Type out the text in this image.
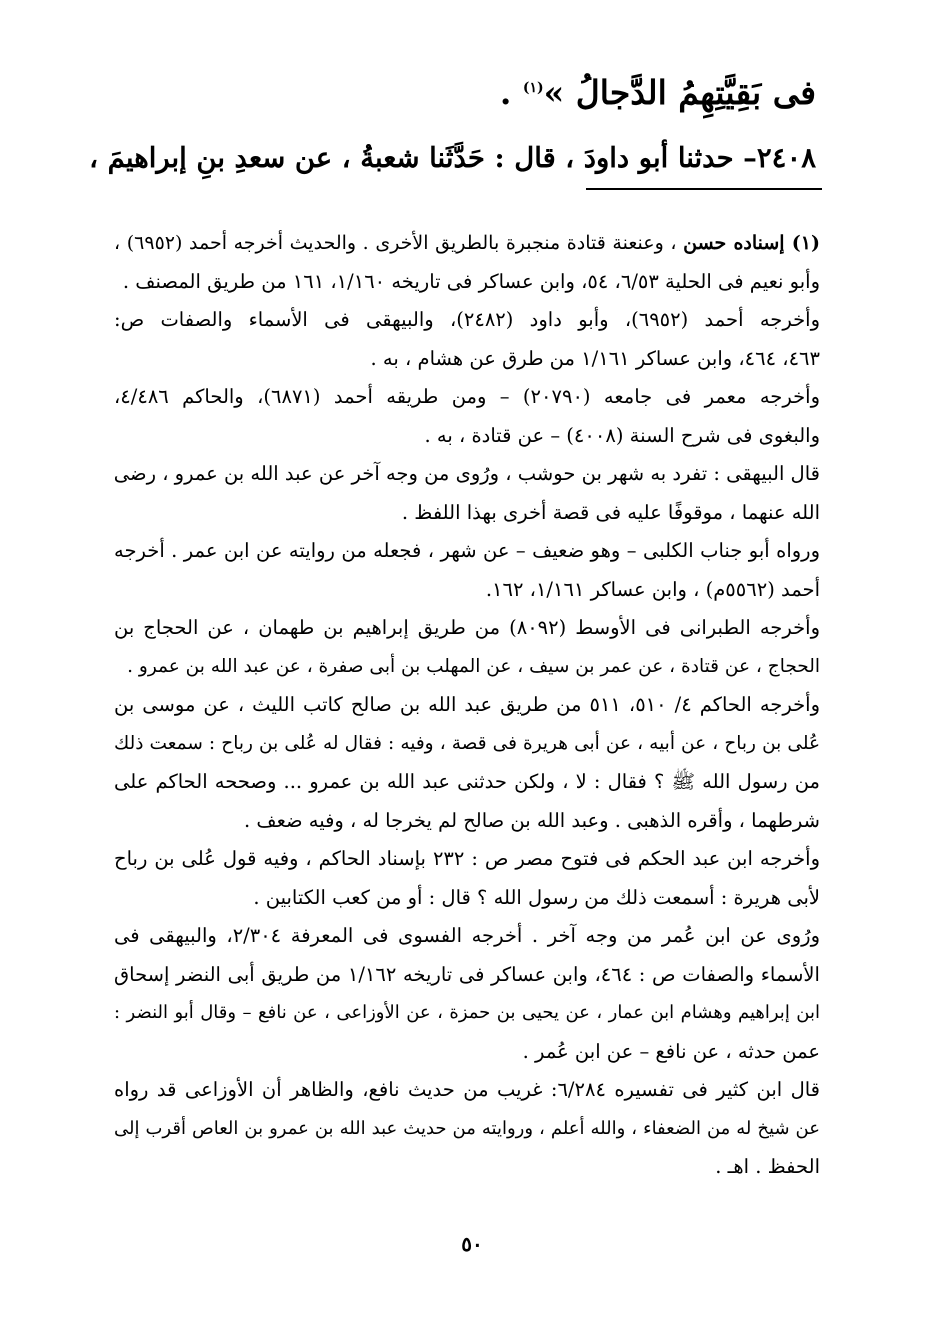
فى بَقِيَّتِهِمُ الدَّجالُ »$^{(١)}$ .
٢٤٠٨– حدثنا أبو داودَ ، قال : حَدَّثَنا شعبةُ ، عن سعدِ بنِ إبراهيمَ ،
(١) إسناده حسن ، وعنعنة قتادة منجبرة بالطريق الأخرى . والحديث أخرجه أحمد (٦٩٥٢) ،
وأبو نعيم فى الحلية ٦/٥٣، ٥٤، وابن عساكر فى تاريخه ١/١٦٠، ١٦١ من طريق المصنف .
وأخرجه أحمد (٦٩٥٢)، وأبو داود (٢٤٨٢)، والبيهقى فى الأسماء والصفات ص:
٤٦٣، ٤٦٤، وابن عساكر ١/١٦١ من طرق عن هشام ، به .
وأخرجه معمر فى جامعه (٢٠٧٩٠) – ومن طريقه أحمد (٦٨٧١)، والحاكم ٤/٤٨٦،
والبغوى فى شرح السنة (٤٠٠٨) – عن قتادة ، به .
قال البيهقى : تفرد به شهر بن حوشب ، ورُوى من وجه آخر عن عبد الله بن عمرو ، رضى
الله عنهما ، موقوفًا عليه فى قصة أخرى بهذا اللفظ .
ورواه أبو جناب الكلبى – وهو ضعيف – عن شهر ، فجعله من روايته عن ابن عمر . أخرجه
أحمد (٥٥٦٢م) ، وابن عساكر ١/١٦١، ١٦٢.
وأخرجه الطبرانى فى الأوسط (٨٠٩٢) من طريق إبراهيم بن طهمان ، عن الحجاج بن
الحجاج ، عن قتادة ، عن عمر بن سيف ، عن المهلب بن أبى صفرة ، عن عبد الله بن عمرو .
وأخرجه الحاكم ٤/ ٥١٠، ٥١١ من طريق عبد الله بن صالح كاتب الليث ، عن موسى بن
عُلى بن رباح ، عن أبيه ، عن أبى هريرة فى قصة ، وفيه : فقال له عُلى بن رباح : سمعت ذلك
من رسول الله ﷺ ؟ فقال : لا ، ولكن حدثنى عبد الله بن عمرو ... وصححه الحاكم على
شرطهما ، وأقره الذهبى . وعبد الله بن صالح لم يخرجا له ، وفيه ضعف .
وأخرجه ابن عبد الحكم فى فتوح مصر ص : ٢٣٢ بإسناد الحاكم ، وفيه قول عُلى بن رباح
لأبى هريرة : أسمعت ذلك من رسول الله ؟ قال : أو من كعب الكتابين .
ورُوى عن ابن عُمر من وجه آخر . أخرجه الفسوى فى المعرفة ٢/٣٠٤، والبيهقى فى
الأسماء والصفات ص : ٤٦٤، وابن عساكر فى تاريخه ١/١٦٢ من طريق أبى النضر إسحاق
ابن إبراهيم وهشام ابن عمار ، عن يحيى بن حمزة ، عن الأوزاعى ، عن نافع – وقال أبو النضر :
عمن حدثه ، عن نافع – عن ابن عُمر .
قال ابن كثير فى تفسيره ٦/٢٨٤: غريب من حديث نافع، والظاهر أن الأوزاعى قد رواه
عن شيخ له من الضعفاء ، والله أعلم ، وروايته من حديث عبد الله بن عمرو بن العاص أقرب إلى
الحفظ . اهـ .
٥٠
